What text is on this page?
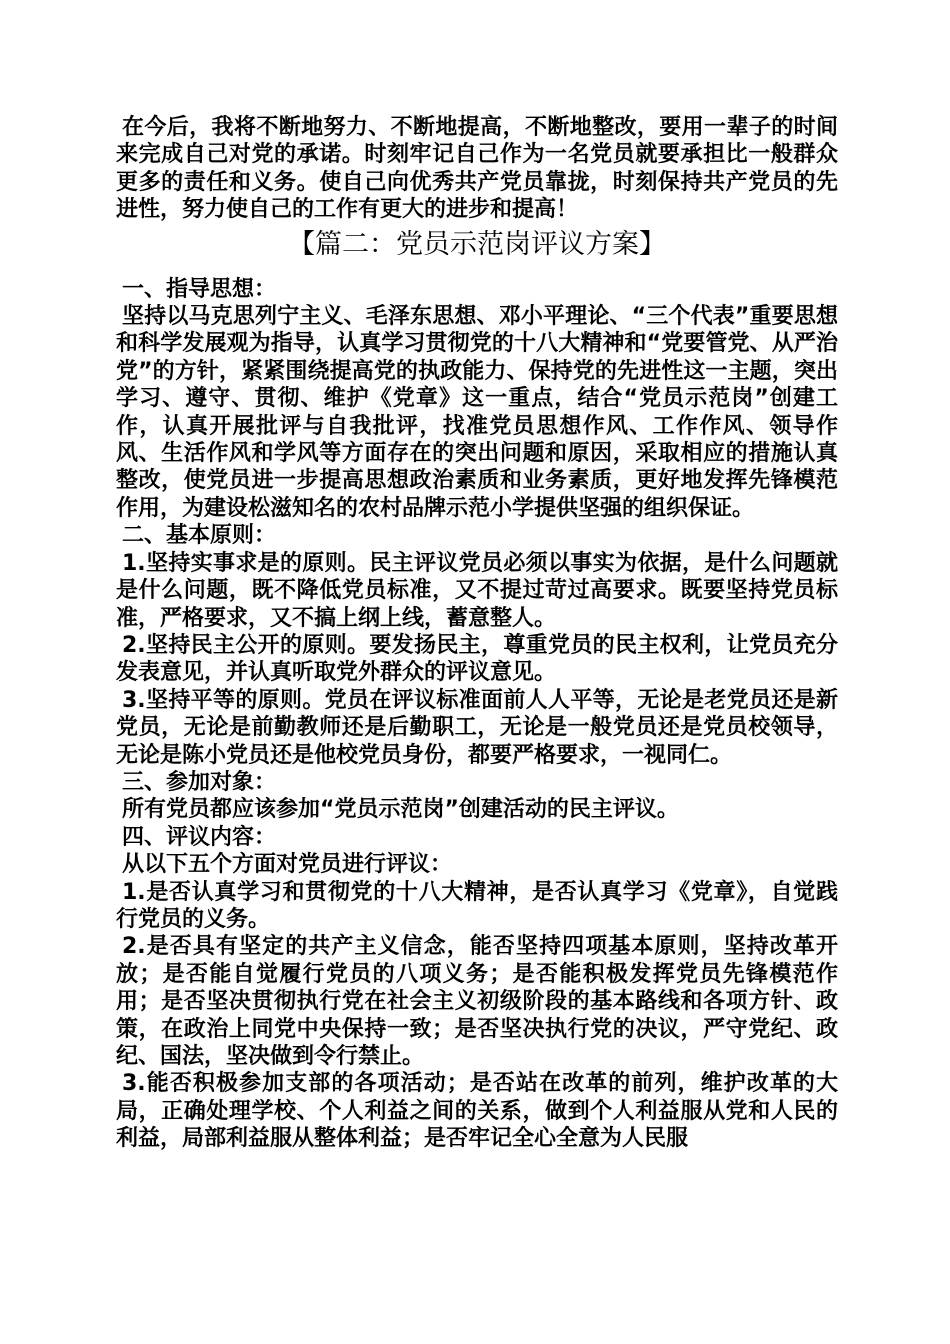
在今后，我将不断地努力、不断地提高，不断地整改，要用一辈子的时间来完成自己对党的承诺。时刻牢记自己作为一名党员就要承担比一般群众更多的责任和义务。使自己向优秀共产党员靠拢，时刻保持共产党员的先进性，努力使自己的工作有更大的进步和提高！

【篇二：党员示范岗评议方案】

一、指导思想：

坚持以马克思列宁主义、毛泽东思想、邓小平理论、“三个代表”重要思想和科学发展观为指导，认真学习贯彻党的十八大精神和“党要管党、从严治党”的方针，紧紧围绕提高党的执政能力、保持党的先进性这一主题，突出学习、遵守、贯彻、维护《党章》这一重点，结合“党员示范岗”创建工作，认真开展批评与自我批评，找准党员思想作风、工作作风、领导作风、生活作风和学风等方面存在的突出问题和原因，采取相应的措施认真整改，使党员进一步提高思想政治素质和业务素质，更好地发挥先锋模范作用，为建设松滋知名的农村品牌示范小学提供坚强的组织保证。

二、基本原则：

1.坚持实事求是的原则。民主评议党员必须以事实为依据，是什么问题就是什么问题，既不降低党员标准，又不提过苛过高要求。既要坚持党员标准，严格要求，又不搞上纲上线，蓄意整人。

2.坚持民主公开的原则。要发扬民主，尊重党员的民主权利，让党员充分发表意见，并认真听取党外群众的评议意见。

3.坚持平等的原则。党员在评议标准面前人人平等，无论是老党员还是新党员，无论是前勤教师还是后勤职工，无论是一般党员还是党员校领导，无论是陈小党员还是他校党员身份，都要严格要求，一视同仁。

三、参加对象：

所有党员都应该参加“党员示范岗”创建活动的民主评议。

四、评议内容：

从以下五个方面对党员进行评议：

1.是否认真学习和贯彻党的十八大精神，是否认真学习《党章》，自觉践行党员的义务。

2.是否具有坚定的共产主义信念，能否坚持四项基本原则，坚持改革开放；是否能自觉履行党员的八项义务；是否能积极发挥党员先锋模范作用；是否坚决贯彻执行党在社会主义初级阶段的基本路线和各项方针、政策，在政治上同党中央保持一致；是否坚决执行党的决议，严守党纪、政纪、国法，坚决做到令行禁止。

3.能否积极参加支部的各项活动；是否站在改革的前列，维护改革的大局，正确处理学校、个人利益之间的关系，做到个人利益服从党和人民的利益，局部利益服从整体利益；是否牢记全心全意为人民服
